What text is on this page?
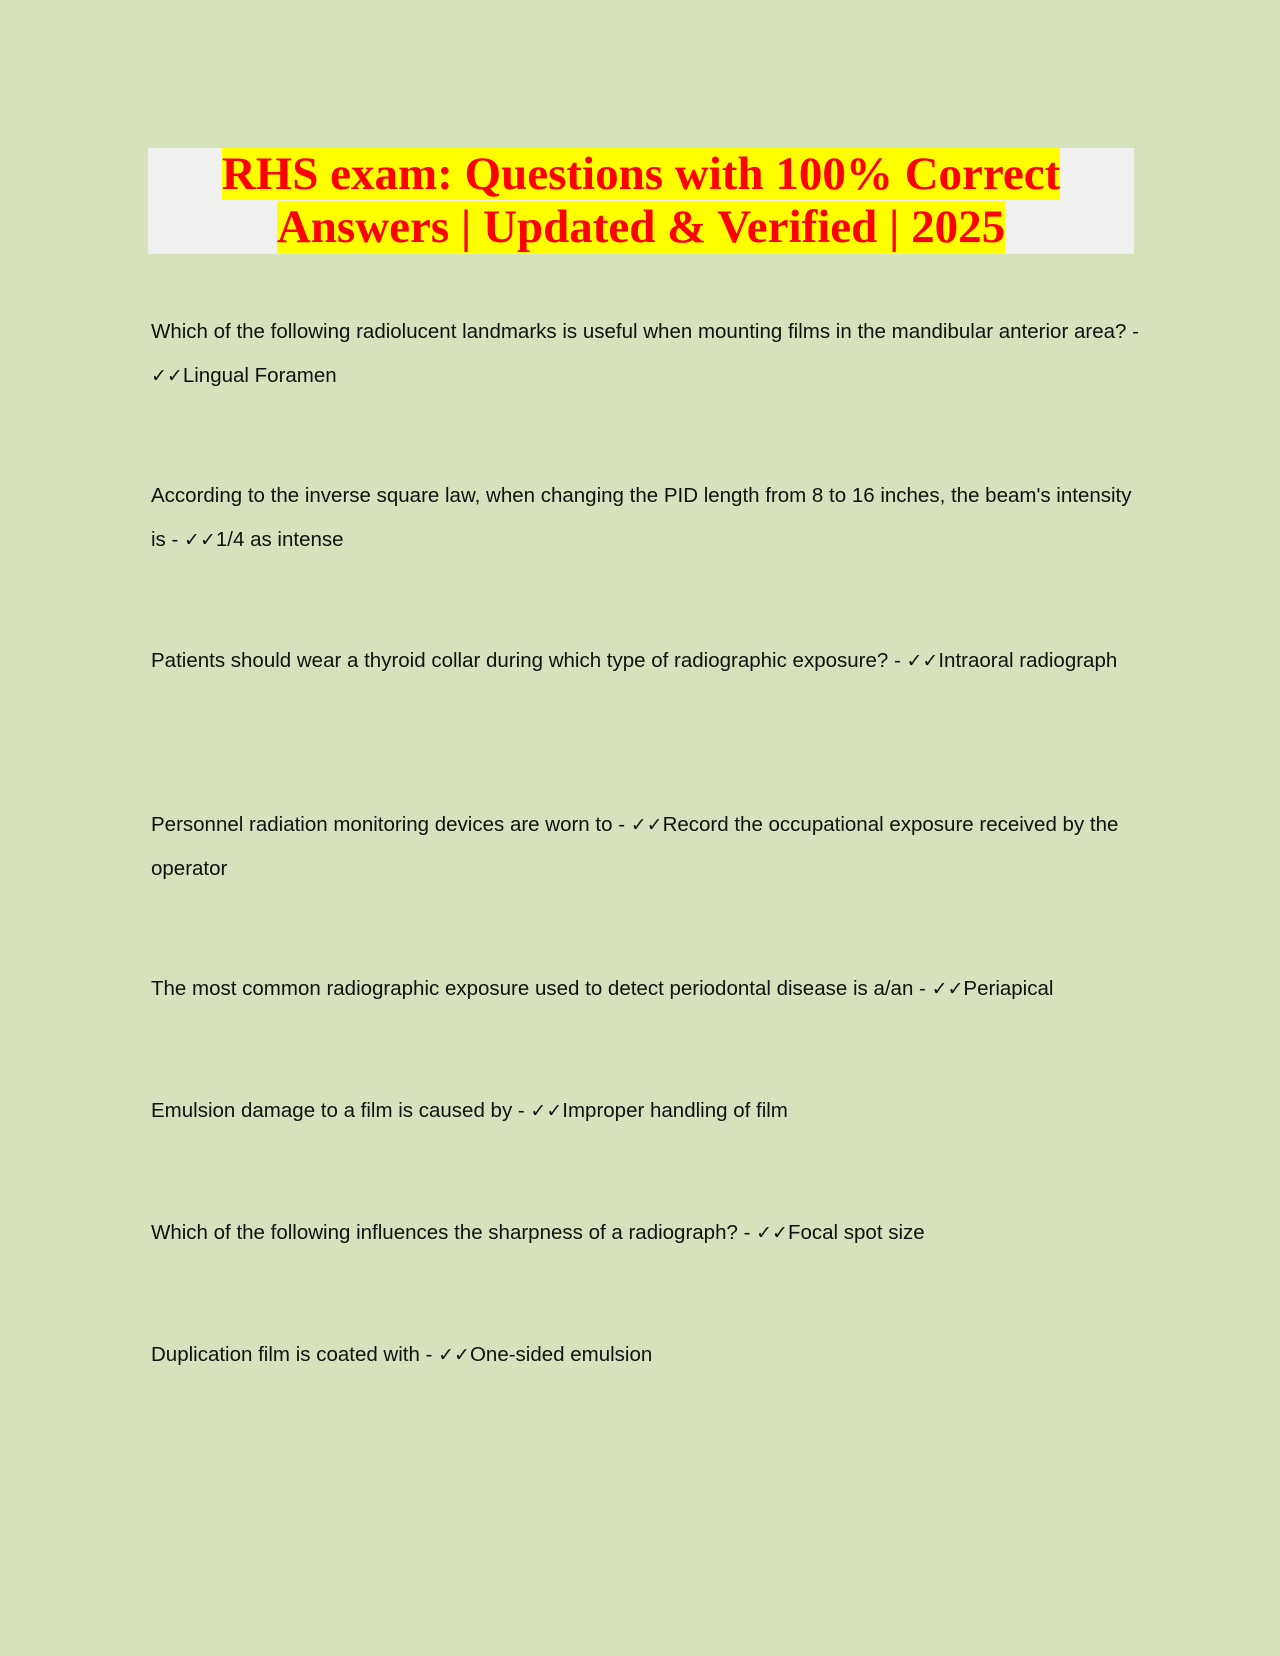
RHS exam: Questions with 100% Correct
Answers | Updated & Verified | 2025
Which of the following radiolucent landmarks is useful when mounting films in the mandibular anterior area? - ✓✓Lingual Foramen
According to the inverse square law, when changing the PID length from 8 to 16 inches, the beam's intensity is - ✓✓1/4 as intense
Patients should wear a thyroid collar during which type of radiographic exposure? - ✓✓Intraoral radiograph
Personnel radiation monitoring devices are worn to - ✓✓Record the occupational exposure received by the operator
The most common radiographic exposure used to detect periodontal disease is a/an - ✓✓Periapical
Emulsion damage to a film is caused by - ✓✓Improper handling of film
Which of the following influences the sharpness of a radiograph? - ✓✓Focal spot size
Duplication film is coated with - ✓✓One-sided emulsion
